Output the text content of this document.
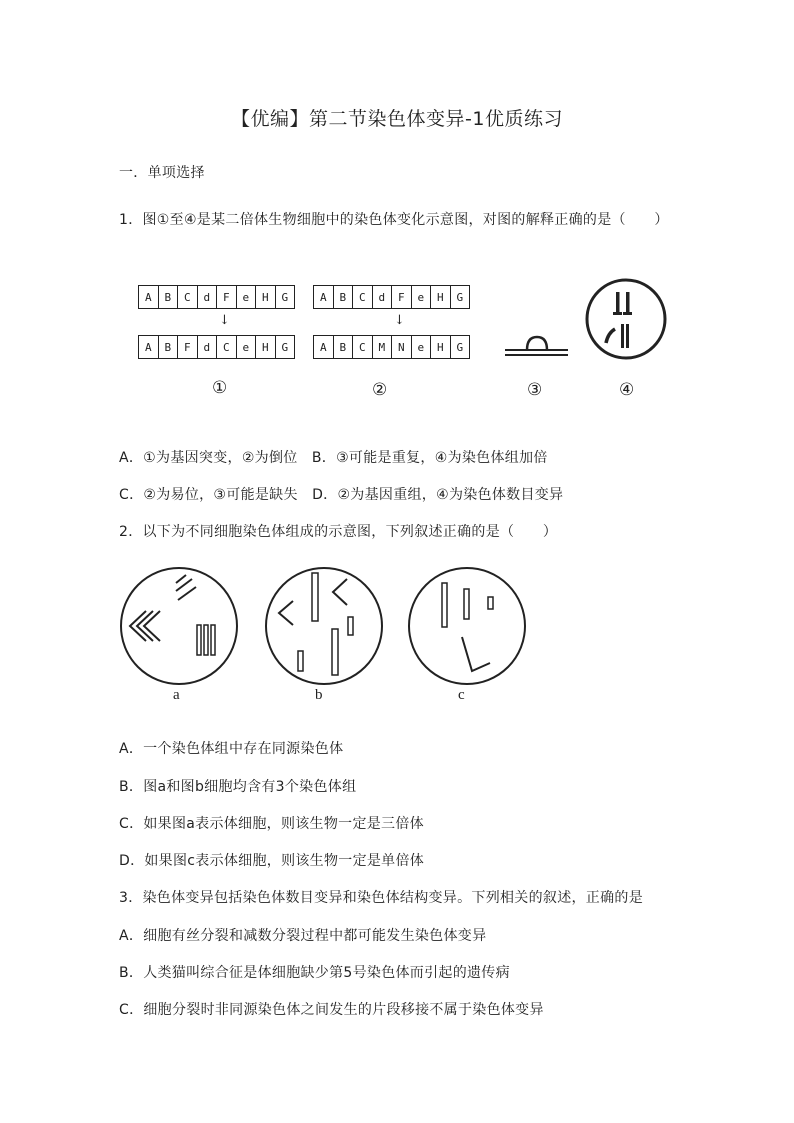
【优编】第二节染色体变异-1优质练习
一．单项选择
1．图①至④是某二倍体生物细胞中的染色体变化示意图，对图的解释正确的是（　　）
A	B	C	d	F	e	H	G
↓
A	B	F	d	C	e	H	G
①
A	B	C	d	F	e	H	G
↓
A	B	C	M	N	e	H	G
②	③	④
A．①为基因突变，②为倒位　B．③可能是重复，④为染色体组加倍
C．②为易位，③可能是缺失　D．②为基因重组，④为染色体数目变异
2．以下为不同细胞染色体组成的示意图，下列叙述正确的是（　　）
a	b	c
A．一个染色体组中存在同源染色体
B．图a和图b细胞均含有3个染色体组
C．如果图a表示体细胞，则该生物一定是三倍体
D．如果图c表示体细胞，则该生物一定是单倍体
3．染色体变异包括染色体数目变异和染色体结构变异。下列相关的叙述，正确的是
A．细胞有丝分裂和减数分裂过程中都可能发生染色体变异
B．人类猫叫综合征是体细胞缺少第5号染色体而引起的遗传病
C．细胞分裂时非同源染色体之间发生的片段移接不属于染色体变异
